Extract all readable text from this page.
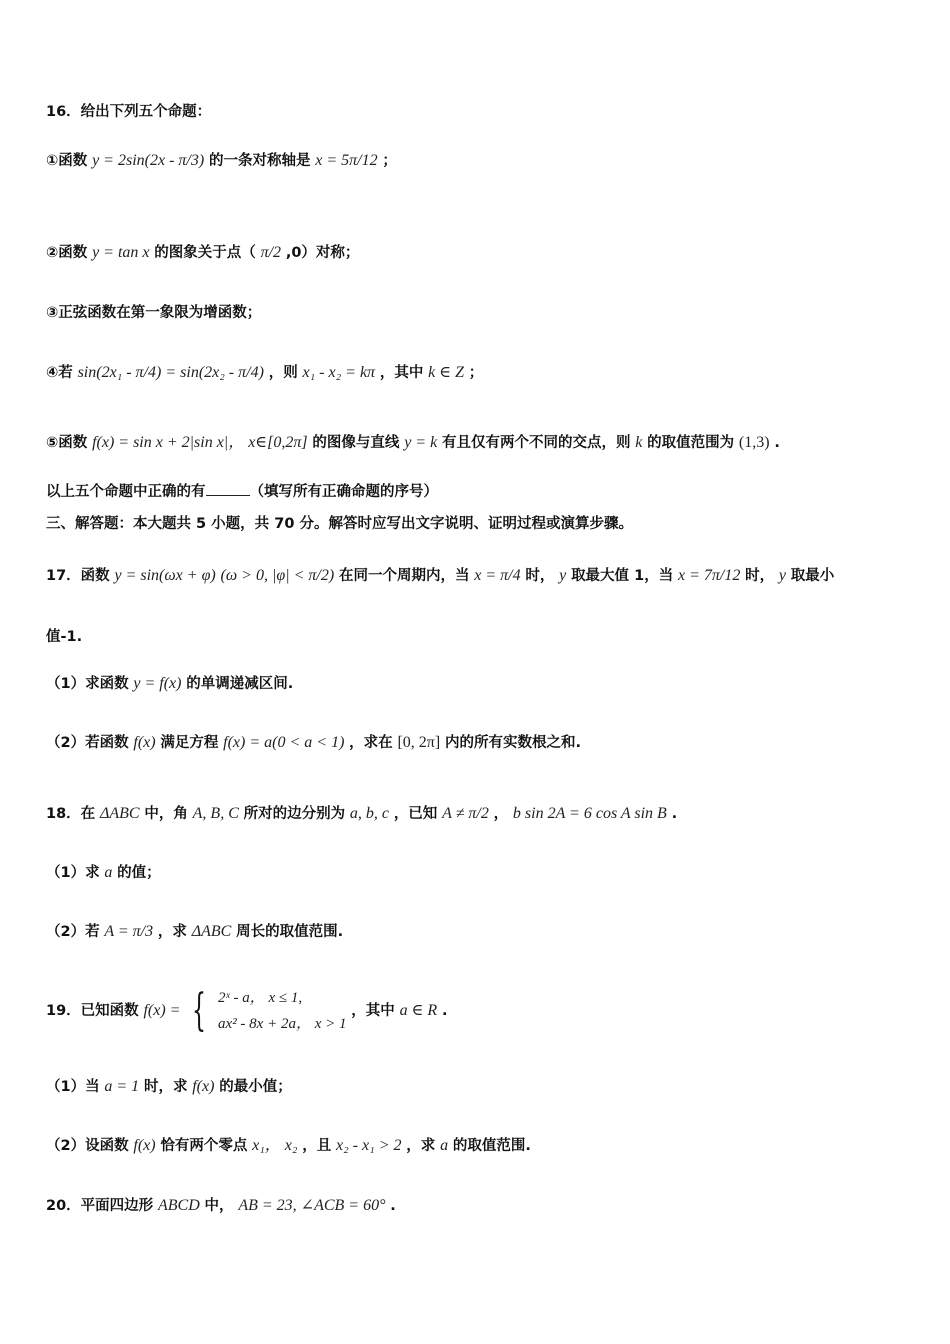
16．给出下列五个命题：
①函数 y = 2sin(2x - π/3) 的一条对称轴是 x = 5π/12 ；
②函数 y = tan x 的图象关于点（ π/2 ,0）对称；
③正弦函数在第一象限为增函数；
④若 sin(2x₁ - π/4) = sin(2x₂ - π/4) ，则 x₁ - x₂ = kπ ，其中 k ∈ Z ；
⑤函数 f(x) = sin x + 2|sin x|， x∈[0,2π] 的图像与直线 y = k 有且仅有两个不同的交点，则 k 的取值范围为 (1,3) .
以上五个命题中正确的有	（填写所有正确命题的序号）
三、解答题：本大题共 5 小题，共 70 分。解答时应写出文字说明、证明过程或演算步骤。
17．函数 y = sin(ωx + φ) (ω > 0, |φ| < π/2) 在同一个周期内，当 x = π/4 时， y 取最大值 1，当 x = 7π/12 时， y 取最小
值-1.
（1）求函数 y = f(x) 的单调递减区间.
（2）若函数 f(x) 满足方程 f(x) = a(0 < a < 1) ，求在 [0, 2π] 内的所有实数根之和.
18．在 ΔABC 中，角 A, B, C 所对的边分别为 a, b, c ，已知 A ≠ π/2 ， b sin 2A = 6 cos A sin B .
（1）求 a 的值；
（2）若 A = π/3 ，求 ΔABC 周长的取值范围.
19．已知函数 f(x) = { 2ˣ - a， x ≤ 1,
ax² - 8x + 2a， x > 1
，其中 a ∈ R .
（1）当 a = 1 时，求 f(x) 的最小值；
（2）设函数 f(x) 恰有两个零点 x₁， x₂ ，且 x₂ - x₁ > 2 ，求 a 的取值范围.
20．平面四边形 ABCD 中， AB = 23, ∠ACB = 60° .
